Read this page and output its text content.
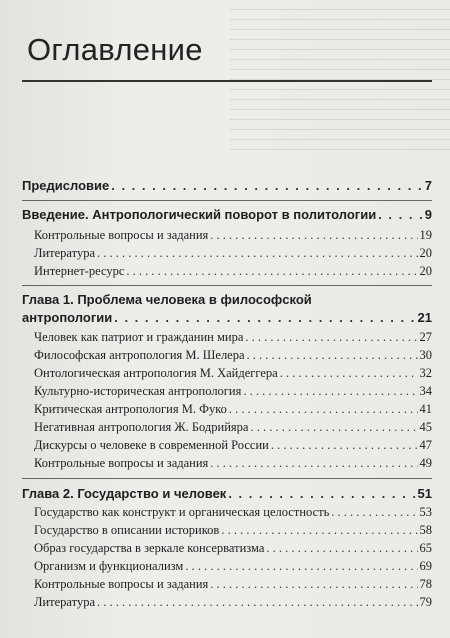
Оглавление
Предисловие . . .	7
Введение. Антропологический поворот в политологии . . .	9
Контрольные вопросы и задания . . .	19
Литература . . .	20
Интернет-ресурс . . .	20
Глава 1. Проблема человека в философской
антропологии . . .	21
Человек как патриот и гражданин мира . . .	27
Философская антропология М. Шелера . . .	30
Онтологическая антропология М. Хайдеггера . . .	32
Культурно-историческая антропология . . .	34
Критическая антропология М. Фуко . . .	41
Негативная антропология Ж. Бодрийяра . . .	45
Дискурсы о человеке в современной России . . .	47
Контрольные вопросы и задания . . .	49
Глава 2. Государство и человек . . .	51
Государство как конструкт и органическая целостность . . .	53
Государство в описании историков . . .	58
Образ государства в зеркале консерватизма . . .	65
Организм и функционализм . . .	69
Контрольные вопросы и задания . . .	78
Литература . . .	79
